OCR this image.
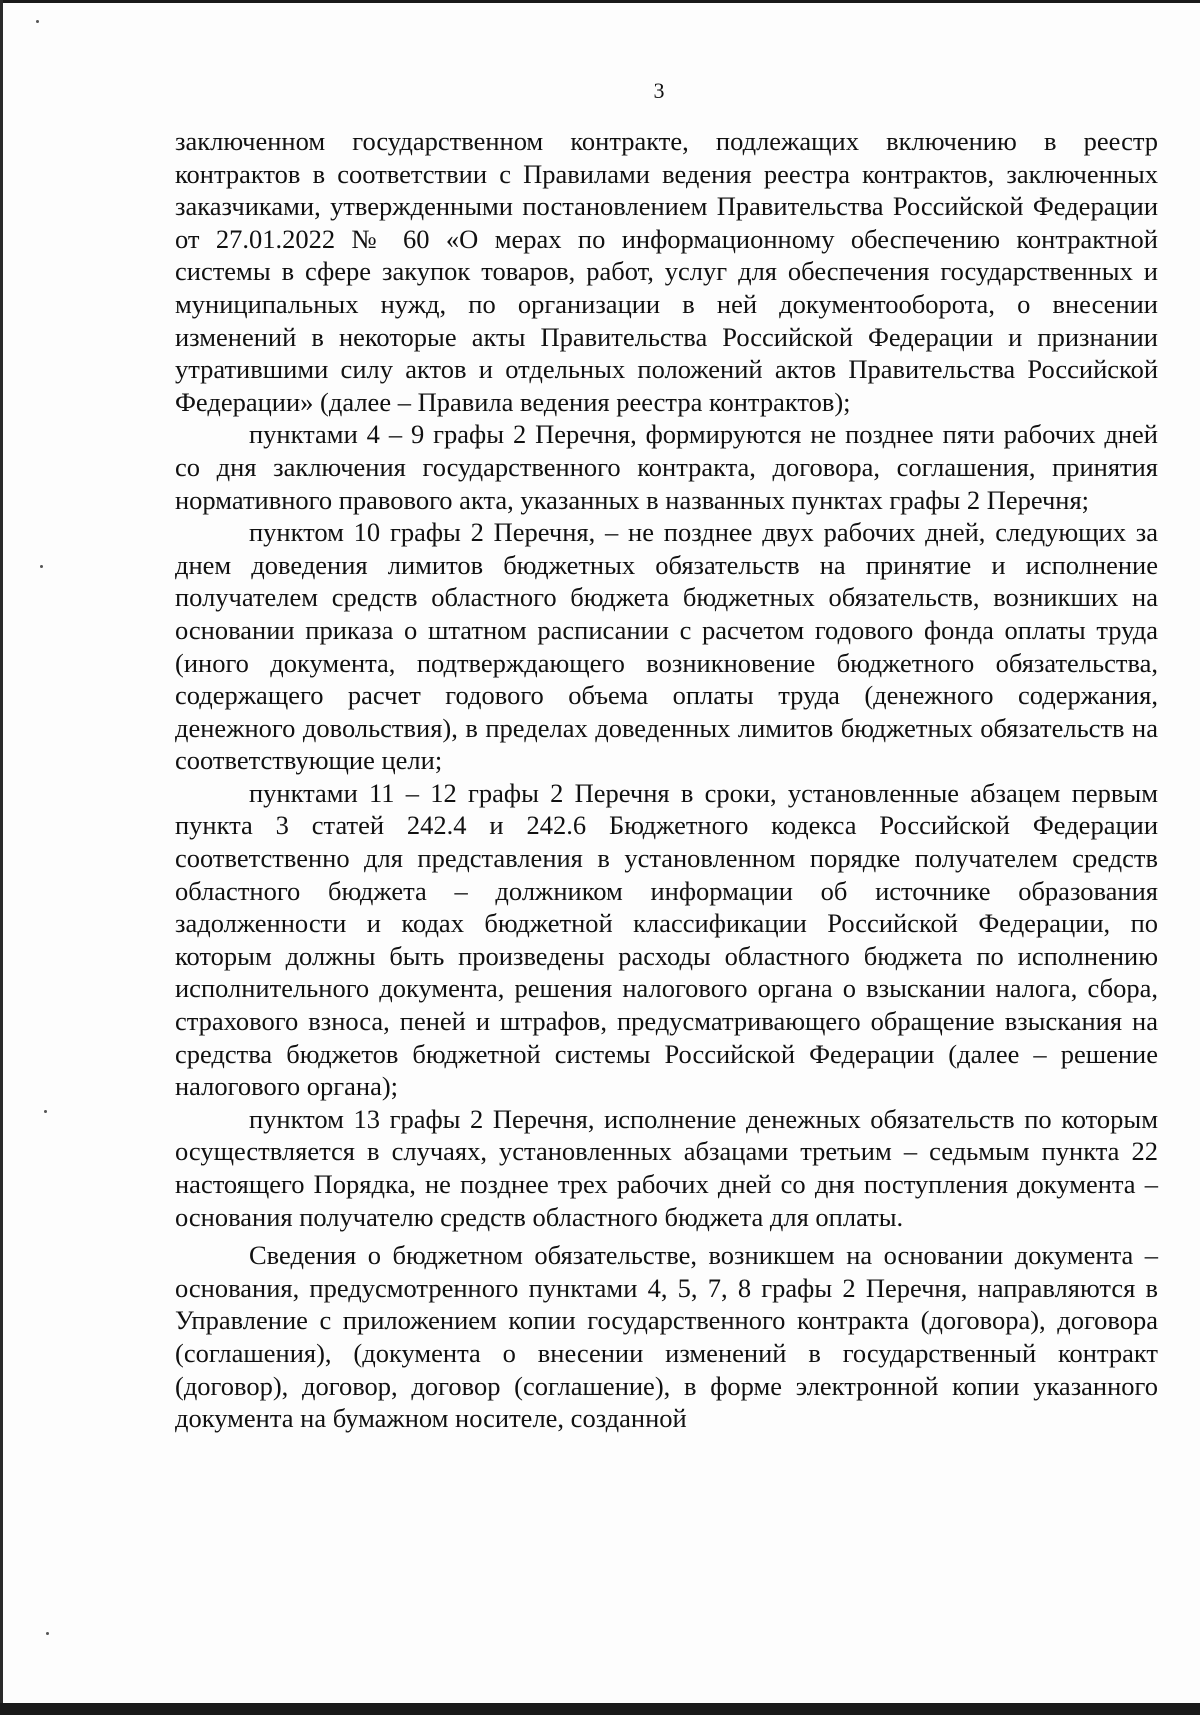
3

заключенном государственном контракте, подлежащих включению в реестр контрактов в соответствии с Правилами ведения реестра контрактов, заключенных заказчиками, утвержденными постановлением Правительства Российской Федерации от 27.01.2022 № 60 «О мерах по информационному обеспечению контрактной системы в сфере закупок товаров, работ, услуг для обеспечения государственных и муниципальных нужд, по организации в ней документооборота, о внесении изменений в некоторые акты Правительства Российской Федерации и признании утратившими силу актов и отдельных положений актов Правительства Российской Федерации» (далее – Правила ведения реестра контрактов);

пунктами 4 – 9 графы 2 Перечня, формируются не позднее пяти рабочих дней со дня заключения государственного контракта, договора, соглашения, принятия нормативного правового акта, указанных в названных пунктах графы 2 Перечня;

пунктом 10 графы 2 Перечня, – не позднее двух рабочих дней, следующих за днем доведения лимитов бюджетных обязательств на принятие и исполнение получателем средств областного бюджета бюджетных обязательств, возникших на основании приказа о штатном расписании с расчетом годового фонда оплаты труда (иного документа, подтверждающего возникновение бюджетного обязательства, содержащего расчет годового объема оплаты труда (денежного содержания, денежного довольствия), в пределах доведенных лимитов бюджетных обязательств на соответствующие цели;

пунктами 11 – 12 графы 2 Перечня в сроки, установленные абзацем первым пункта 3 статей 242.4 и 242.6 Бюджетного кодекса Российской Федерации соответственно для представления в установленном порядке получателем средств областного бюджета – должником информации об источнике образования задолженности и кодах бюджетной классификации Российской Федерации, по которым должны быть произведены расходы областного бюджета по исполнению исполнительного документа, решения налогового органа о взыскании налога, сбора, страхового взноса, пеней и штрафов, предусматривающего обращение взыскания на средства бюджетов бюджетной системы Российской Федерации (далее – решение налогового органа);

пунктом 13 графы 2 Перечня, исполнение денежных обязательств по которым осуществляется в случаях, установленных абзацами третьим – седьмым пункта 22 настоящего Порядка, не позднее трех рабочих дней со дня поступления документа – основания получателю средств областного бюджета для оплаты.

Сведения о бюджетном обязательстве, возникшем на основании документа – основания, предусмотренного пунктами 4, 5, 7, 8 графы 2 Перечня, направляются в Управление с приложением копии государственного контракта (договора), договора (соглашения), (документа о внесении изменений в государственный контракт (договор), договор, договор (соглашение), в форме электронной копии указанного документа на бумажном носителе, созданной
